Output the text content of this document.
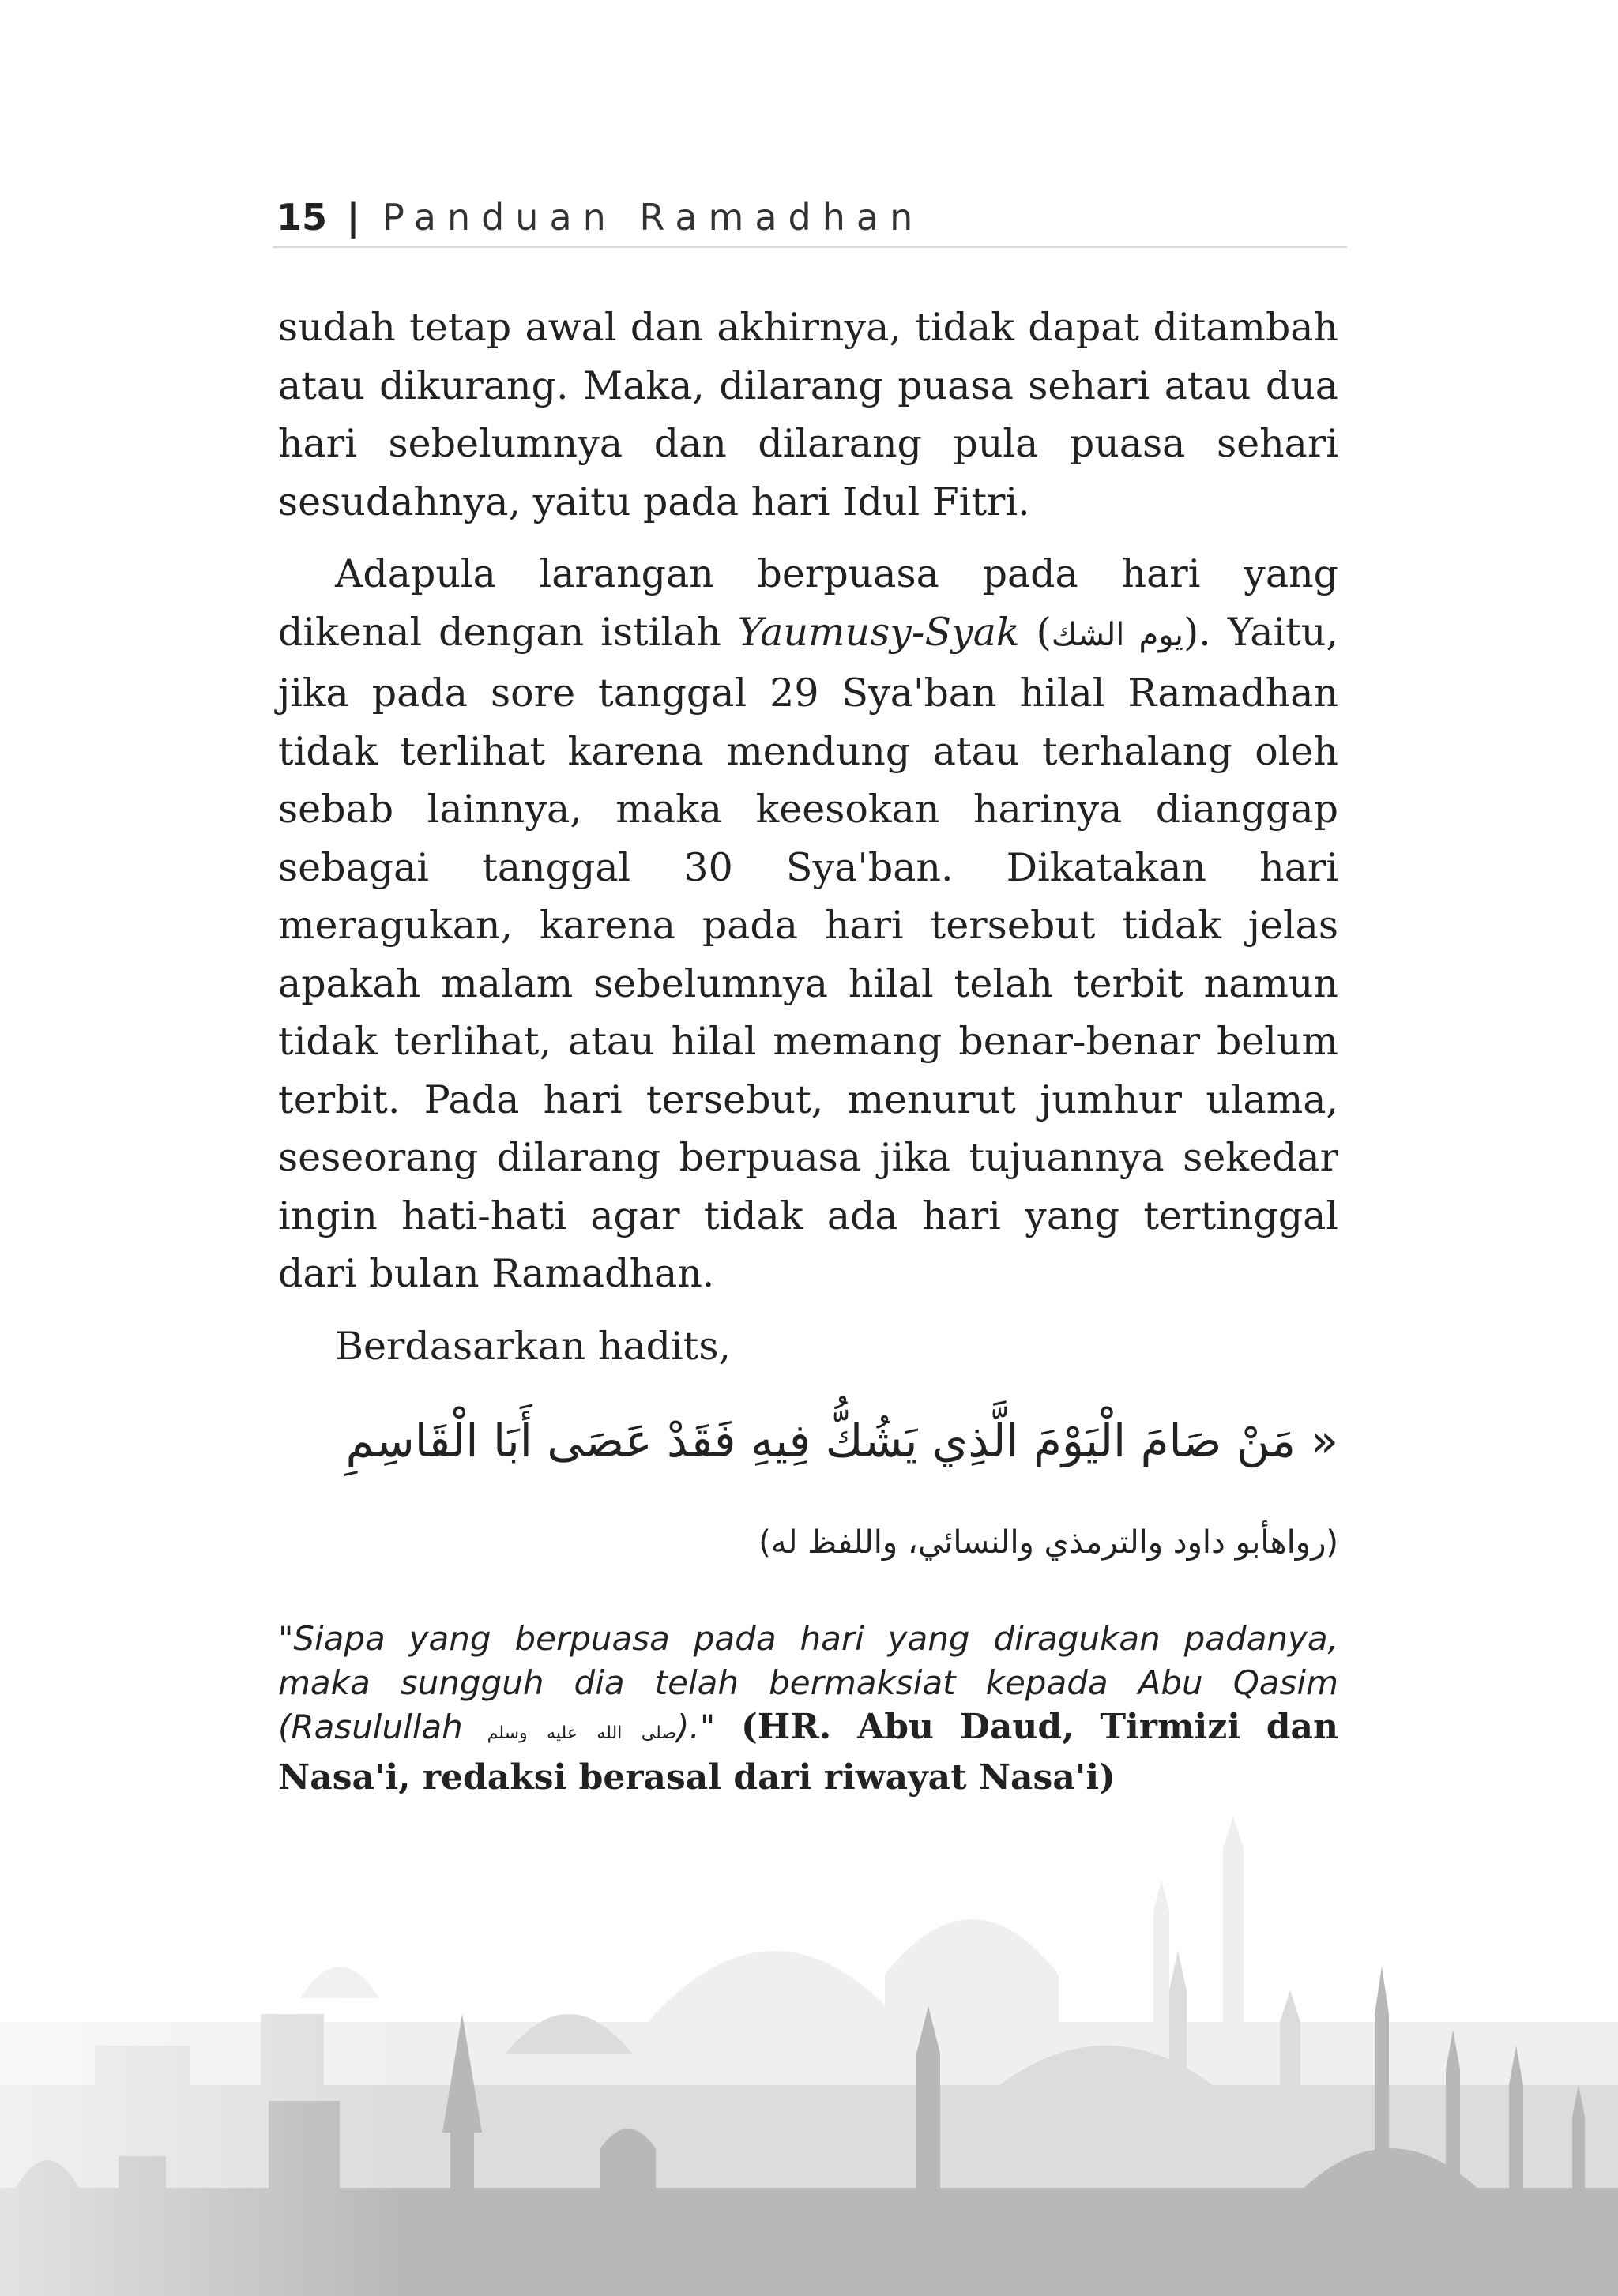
15 | Panduan Ramadhan

sudah tetap awal dan akhirnya, tidak dapat ditambah atau dikurang. Maka, dilarang puasa sehari atau dua hari sebelumnya dan dilarang pula puasa sehari sesudahnya, yaitu pada hari Idul Fitri.

Adapula larangan berpuasa pada hari yang dikenal dengan istilah Yaumusy-Syak (يوم الشك). Yaitu, jika pada sore tanggal 29 Sya'ban hilal Ramadhan tidak terlihat karena mendung atau terhalang oleh sebab lainnya, maka keesokan harinya dianggap sebagai tanggal 30 Sya'ban. Dikatakan hari meragukan, karena pada hari tersebut tidak jelas apakah malam sebelumnya hilal telah terbit namun tidak terlihat, atau hilal memang benar-benar belum terbit. Pada hari tersebut, menurut jumhur ulama, seseorang dilarang berpuasa jika tujuannya sekedar ingin hati-hati agar tidak ada hari yang tertinggal dari bulan Ramadhan.

Berdasarkan hadits,

« مَنْ صَامَ الْيَوْمَ الَّذِي يَشُكُّ فِيهِ فَقَدْ عَصَى أَبَا الْقَاسِمِ
(رواهأبو داود والترمذي والنسائي، واللفظ له)

"Siapa yang berpuasa pada hari yang diragukan padanya, maka sungguh dia telah bermaksiat kepada Abu Qasim (Rasulullah صلى الله عليه وسلم)." (HR. Abu Daud, Tirmizi dan Nasa'i, redaksi berasal dari riwayat Nasa'i)
